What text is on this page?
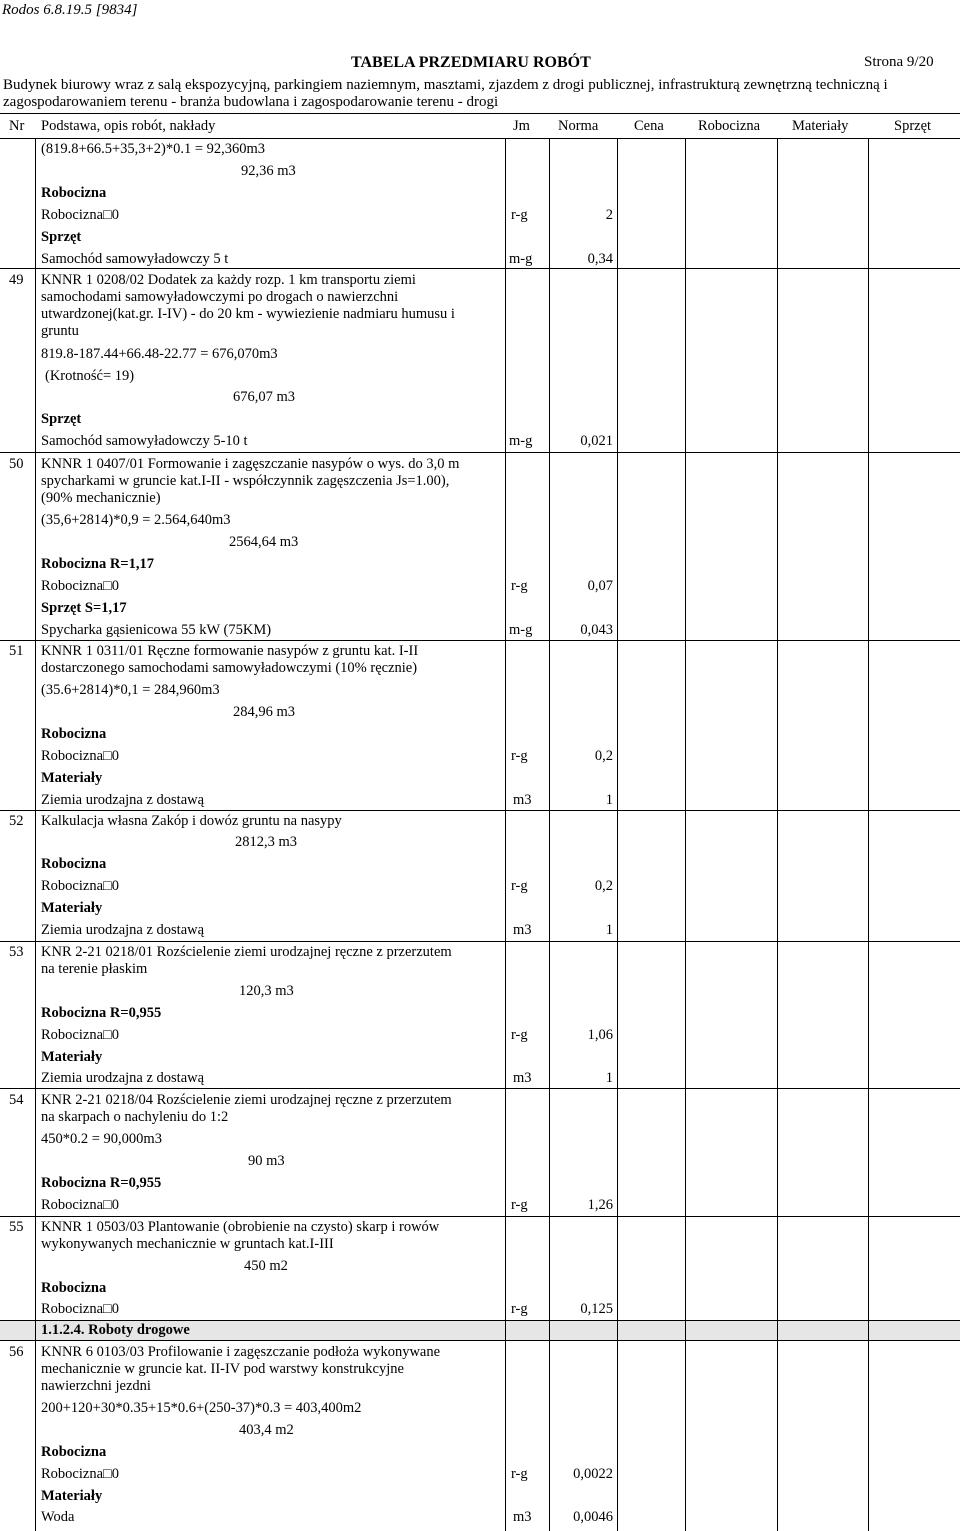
Rodos 6.8.19.5 [9834]
TABELA PRZEDMIARU ROBÓT	Strona 9/20
Budynek biurowy wraz z salą ekspozycyjną, parkingiem naziemnym, masztami, zjazdem z drogi publicznej, infrastrukturą zewnętrzną techniczną i
zagospodarowaniem terenu - branża budowlana i zagospodarowanie terenu - drogi
Nr Podstawa, opis robót, nakłady	Jm Norma Cena Robocizna Materiały	Sprzęt
(819.8+66.5+35,3+2)*0.1 = 92,360m3
92,36 m3
Robocizna
Robocizna□0	r-g	2
Sprzęt
Samochód samowyładowczy 5 t	m-g	0,34
49 KNNR 1 0208/02 Dodatek za każdy rozp. 1 km transportu ziemi
samochodami samowyładowczymi po drogach o nawierzchni
utwardzonej(kat.gr. I-IV) - do 20 km - wywiezienie nadmiaru humusu i
gruntu
819.8-187.44+66.48-22.77 = 676,070m3
(Krotność= 19)
676,07 m3
Sprzęt
Samochód samowyładowczy 5-10 t	m-g	0,021
50 KNNR 1 0407/01 Formowanie i zagęszczanie nasypów o wys. do 3,0 m
spycharkami w gruncie kat.I-II - współczynnik zagęszczenia Js=1.00),
(90% mechanicznie)
(35,6+2814)*0,9 = 2.564,640m3
2564,64 m3
Robocizna R=1,17
Robocizna□0	r-g	0,07
Sprzęt S=1,17
Spycharka gąsienicowa 55 kW (75KM)	m-g	0,043
51 KNNR 1 0311/01 Ręczne formowanie nasypów z gruntu kat. I-II
dostarczonego samochodami samowyładowczymi (10% ręcznie)
(35.6+2814)*0,1 = 284,960m3
284,96 m3
Robocizna
Robocizna□0	r-g	0,2
Materiały
Ziemia urodzajna z dostawą	m3	1
52 Kalkulacja własna Zakóp i dowóz gruntu na nasypy
2812,3 m3
Robocizna
Robocizna□0	r-g	0,2
Materiały
Ziemia urodzajna z dostawą	m3	1
53 KNR 2-21 0218/01 Rozścielenie ziemi urodzajnej ręczne z przerzutem
na terenie płaskim
120,3 m3
Robocizna R=0,955
Robocizna□0	r-g	1,06
Materiały
Ziemia urodzajna z dostawą	m3	1
54 KNR 2-21 0218/04 Rozścielenie ziemi urodzajnej ręczne z przerzutem
na skarpach o nachyleniu do 1:2
450*0.2 = 90,000m3
90 m3
Robocizna R=0,955
Robocizna□0	r-g	1,26
55 KNNR 1 0503/03 Plantowanie (obrobienie na czysto) skarp i rowów
wykonywanych mechanicznie w gruntach kat.I-III
450 m2
Robocizna
Robocizna□0	r-g	0,125
1.1.2.4. Roboty drogowe
56 KNNR 6 0103/03 Profilowanie i zagęszczanie podłoża wykonywane
mechanicznie w gruncie kat. II-IV pod warstwy konstrukcyjne
nawierzchni jezdni
200+120+30*0.35+15*0.6+(250-37)*0.3 = 403,400m2
403,4 m2
Robocizna
Robocizna□0	r-g	0,0022
Materiały
Woda	m3	0,0046
